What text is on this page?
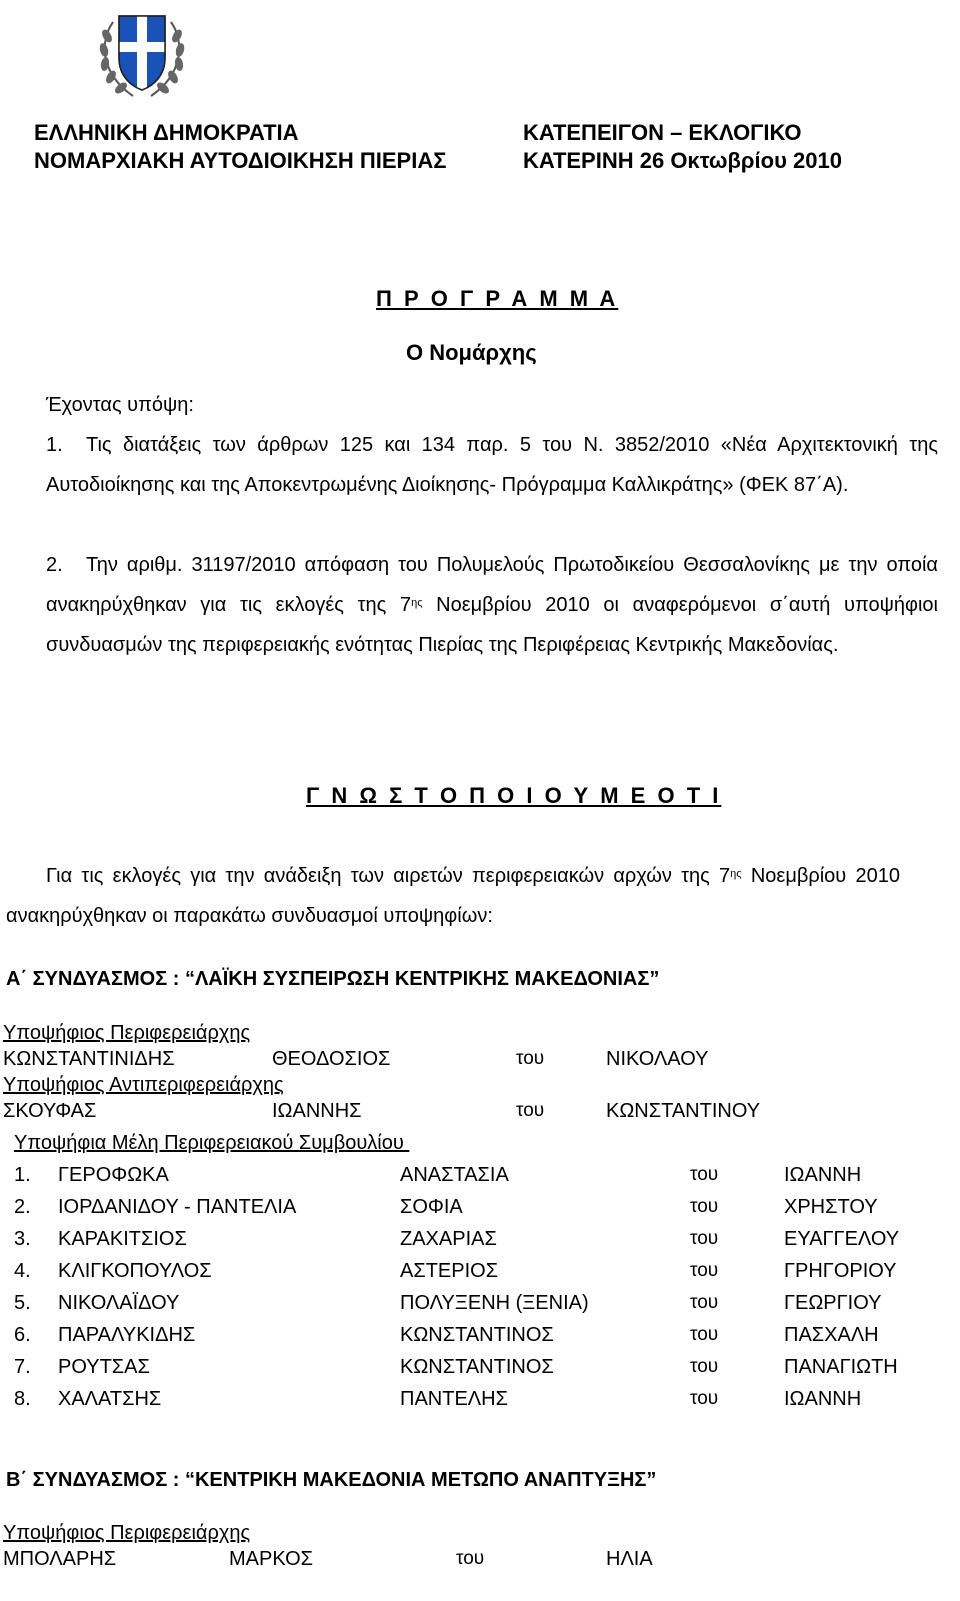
ΕΛΛΗΝΙΚΗ ΔΗΜΟΚΡΑΤΙΑ
ΝΟΜΑΡΧΙΑΚΗ ΑΥΤΟΔΙΟΙΚΗΣΗ ΠΙΕΡΙΑΣ
ΚΑΤΕΠΕΙΓΟΝ – ΕΚΛΟΓΙΚΟ
ΚΑΤΕΡΙΝΗ 26 Οκτωβρίου 2010
Π Ρ Ο Γ Ρ Α Μ Μ Α
Ο Νομάρχης
Έχοντας υπόψη:
1.	Τις διατάξεις των άρθρων 125 και 134 παρ. 5 του Ν. 3852/2010 «Νέα Αρχιτεκτονική της Αυτοδιοίκησης και της Αποκεντρωμένης Διοίκησης- Πρόγραμμα Καλλικράτης» (ΦΕΚ 87΄Α).
2.	Την αριθμ. 31197/2010 απόφαση του Πολυμελούς Πρωτοδικείου Θεσσαλονίκης με την οποία ανακηρύχθηκαν για τις εκλογές της $7^{\eta\varsigma}$ Νοεμβρίου 2010 οι αναφερόμενοι σ΄αυτή υποψήφιοι συνδυασμών της περιφερειακής ενότητας Πιερίας της Περιφέρειας Κεντρικής Μακεδονίας.
Γ Ν Ω Σ Τ Ο Π Ο Ι Ο Υ Μ Ε Ο Τ Ι
Για τις εκλογές για την ανάδειξη των αιρετών περιφερειακών αρχών της $7^{\eta\varsigma}$ Νοεμβρίου 2010 ανακηρύχθηκαν οι παρακάτω συνδυασμοί υποψηφίων:
Α΄ ΣΥΝΔΥΑΣΜΟΣ : “ΛΑΪΚΗ ΣΥΣΠΕΙΡΩΣΗ ΚΕΝΤΡΙΚΗΣ ΜΑΚΕΔΟΝΙΑΣ”
Υποψήφιος Περιφερειάρχης
ΚΩΝΣΤΑΝΤΙΝΙΔΗΣ	ΘΕΟΔΟΣΙΟΣ	του	ΝΙΚΟΛΑΟΥ
Υποψήφιος Αντιπεριφερειάρχης
ΣΚΟΥΦΑΣ	ΙΩΑΝΝΗΣ	του	ΚΩΝΣΤΑΝΤΙΝΟΥ
Υποψήφια Μέλη Περιφερειακού Συμβουλίου
1. ΓΕΡΟΦΩΚΑ	ΑΝΑΣΤΑΣΙΑ	του	ΙΩΑΝΝΗ
2. ΙΟΡΔΑΝΙΔΟΥ - ΠΑΝΤΕΛΙΑ	ΣΟΦΙΑ	του	ΧΡΗΣΤΟΥ
3. ΚΑΡΑΚΙΤΣΙΟΣ	ΖΑΧΑΡΙΑΣ	του	ΕΥΑΓΓΕΛΟΥ
4. ΚΛΙΓΚΟΠΟΥΛΟΣ	ΑΣΤΕΡΙΟΣ	του	ΓΡΗΓΟΡΙΟΥ
5. ΝΙΚΟΛΑΪΔΟΥ	ΠΟΛΥΞΕΝΗ (ΞΕΝΙΑ)	του	ΓΕΩΡΓΙΟΥ
6. ΠΑΡΑΛΥΚΙΔΗΣ	ΚΩΝΣΤΑΝΤΙΝΟΣ	του	ΠΑΣΧΑΛΗ
7. ΡΟΥΤΣΑΣ	ΚΩΝΣΤΑΝΤΙΝΟΣ	του	ΠΑΝΑΓΙΩΤΗ
8. ΧΑΛΑΤΣΗΣ	ΠΑΝΤΕΛΗΣ	του	ΙΩΑΝΝΗ
Β΄ ΣΥΝΔΥΑΣΜΟΣ : “ΚΕΝΤΡΙΚΗ ΜΑΚΕΔΟΝΙΑ ΜΕΤΩΠΟ ΑΝΑΠΤΥΞΗΣ”
Υποψήφιος Περιφερειάρχης
ΜΠΟΛΑΡΗΣ	ΜΑΡΚΟΣ	του	ΗΛΙΑ
